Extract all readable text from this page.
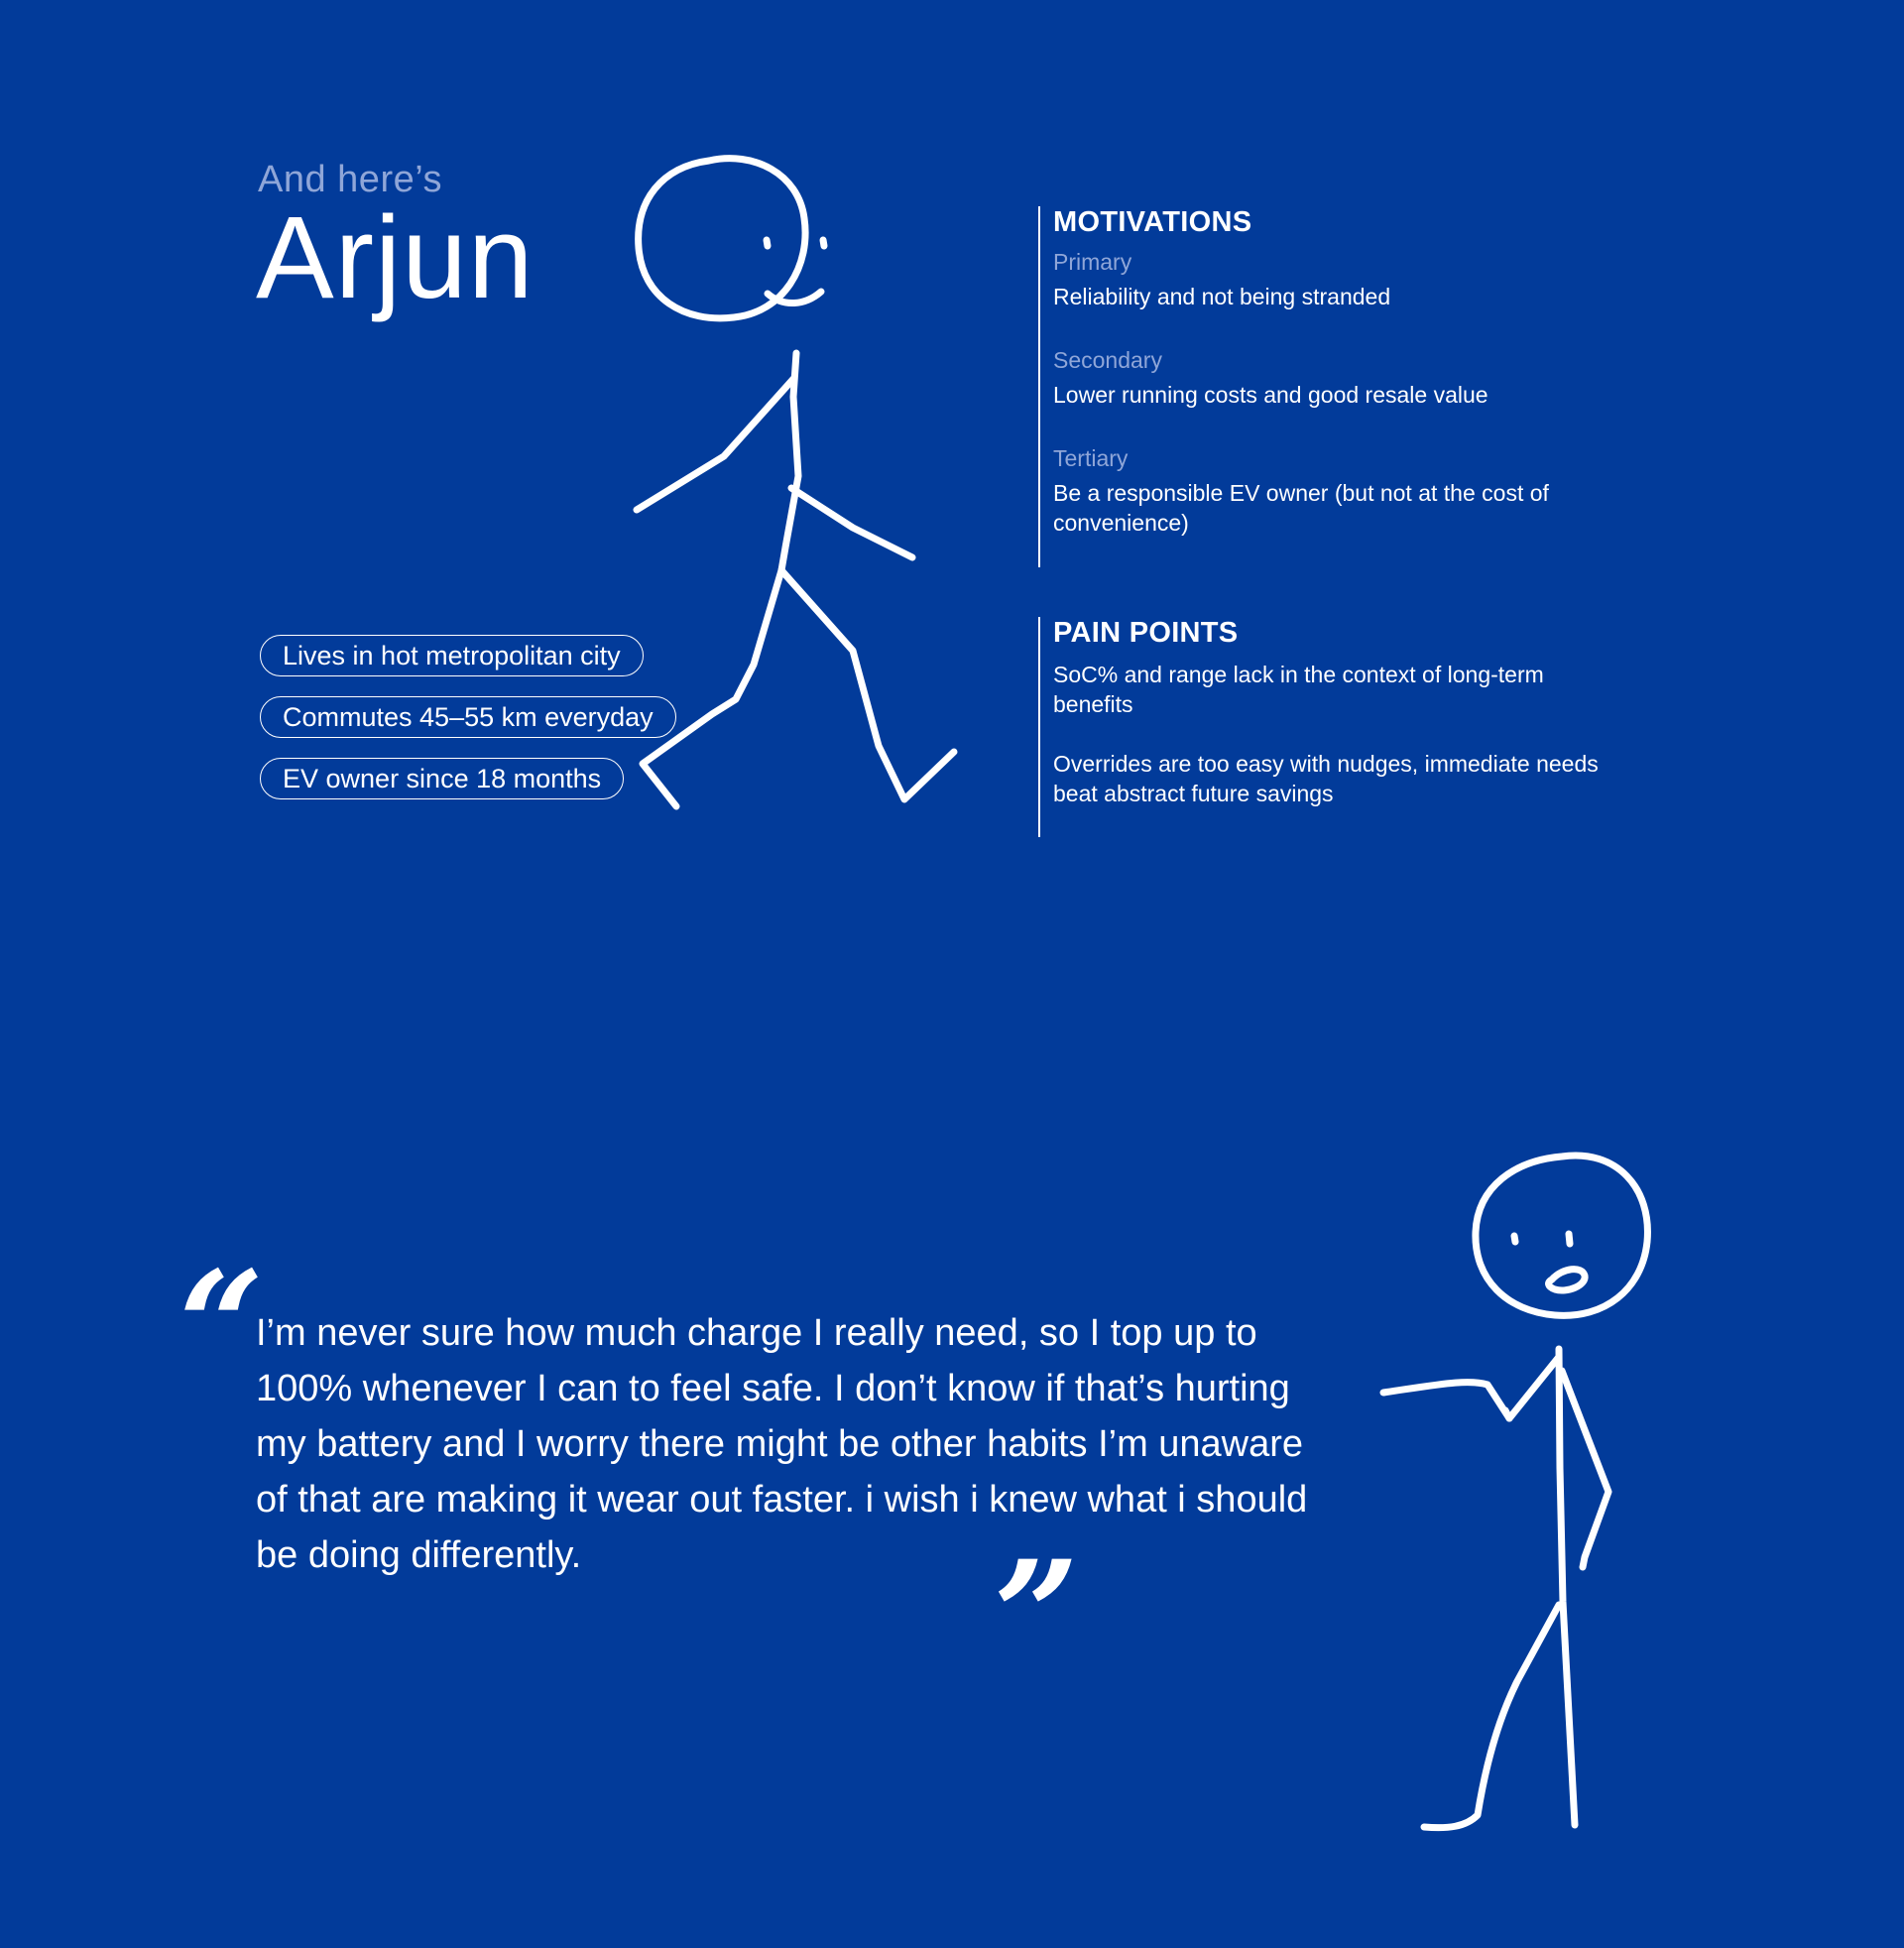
And here’s
Arjun
Lives in hot metropolitan city
Commutes 45–55 km everyday
EV owner since 18 months
MOTIVATIONS
Primary
Reliability and not being stranded
Secondary
Lower running costs and good resale value
Tertiary
Be a responsible EV owner (but not at the cost of convenience)
PAIN POINTS
SoC% and range lack in the context of long-term benefits
Overrides are too easy with nudges, immediate needs beat abstract future savings
“
I’m never sure how much charge I really need, so I top up to 100% whenever I can to feel safe. I don’t know if that’s hurting my battery and I worry there might be other habits I’m unaware of that are making it wear out faster. i wish i knew what i should be doing differently.	”
